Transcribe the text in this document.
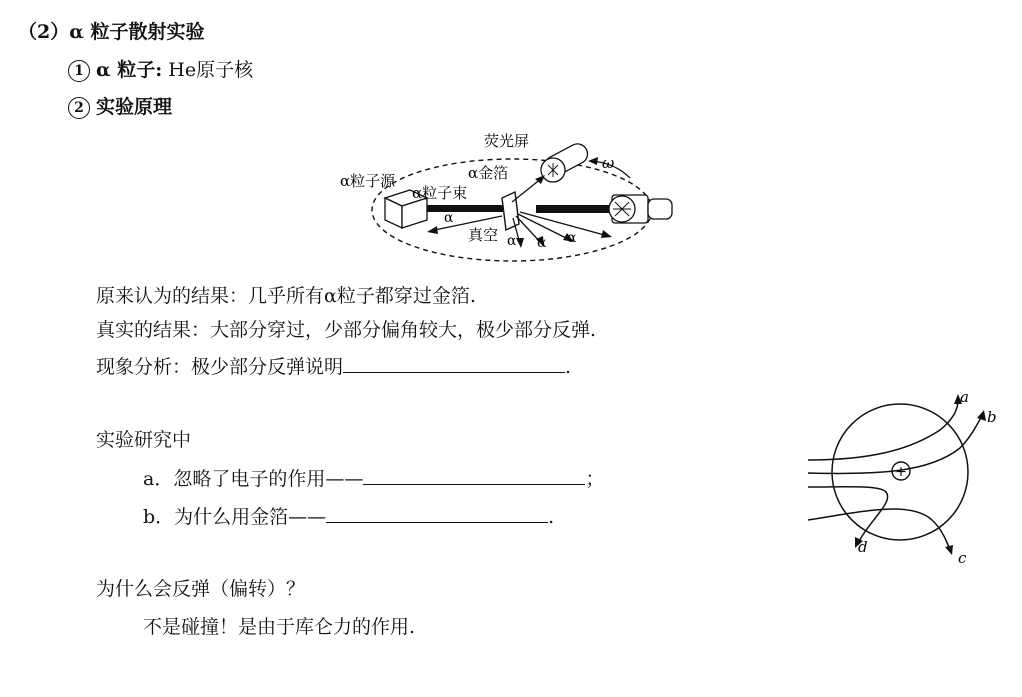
（2）α 粒子散射实验
1 α 粒子: He原子核
2 实验原理
荧光屏
ω
α粒子源	α金箔
α粒子束
α
真空 α α α
原来认为的结果：几乎所有α粒子都穿过金箔.
真实的结果：大部分穿过，少部分偏角较大，极少部分反弹.
现象分析：极少部分反弹说明	.
实验研究中
a．忽略了电子的作用——	；
b．为什么用金箔——	.
为什么会反弹（偏转）？
不是碰撞！是由于库仑力的作用.
+
a
b
c
d
